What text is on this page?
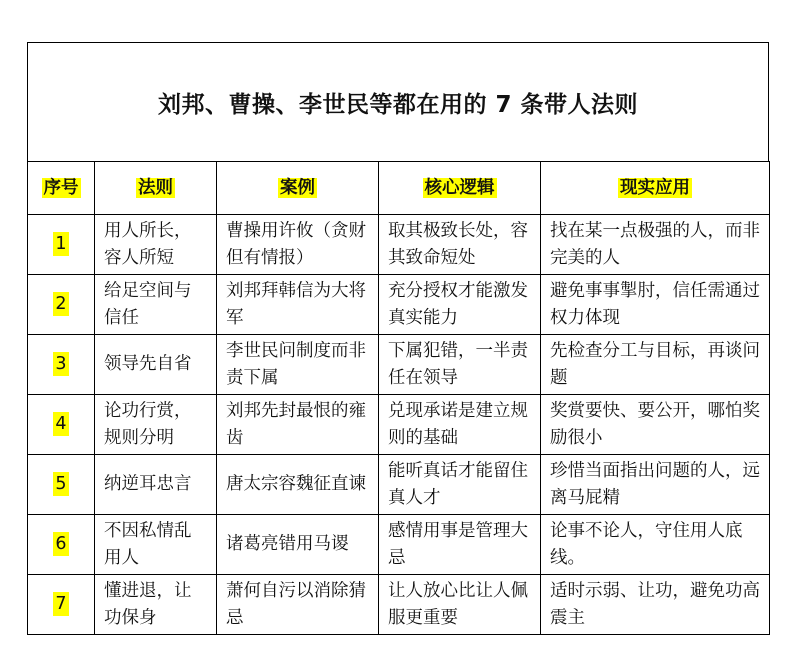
刘邦、曹操、李世民等都在用的 7 条带人法则
序号	法则	案例	核心逻辑	现实应用
1	用人所长，容人所短	曹操用许攸（贪财但有情报）	取其极致长处，容其致命短处	找在某一点极强的人，而非完美的人
2	给足空间与信任	刘邦拜韩信为大将军	充分授权才能激发真实能力	避免事事掣肘，信任需通过权力体现
3	领导先自省	李世民问制度而非责下属	下属犯错，一半责任在领导	先检查分工与目标，再谈问题
4	论功行赏，规则分明	刘邦先封最恨的雍齿	兑现承诺是建立规则的基础	奖赏要快、要公开，哪怕奖励很小
5	纳逆耳忠言	唐太宗容魏征直谏	能听真话才能留住真人才	珍惜当面指出问题的人，远离马屁精
6	不因私情乱用人	诸葛亮错用马谡	感情用事是管理大忌	论事不论人，守住用人底线。
7	懂进退，让功保身	萧何自污以消除猜忌	让人放心比让人佩服更重要	适时示弱、让功，避免功高震主
